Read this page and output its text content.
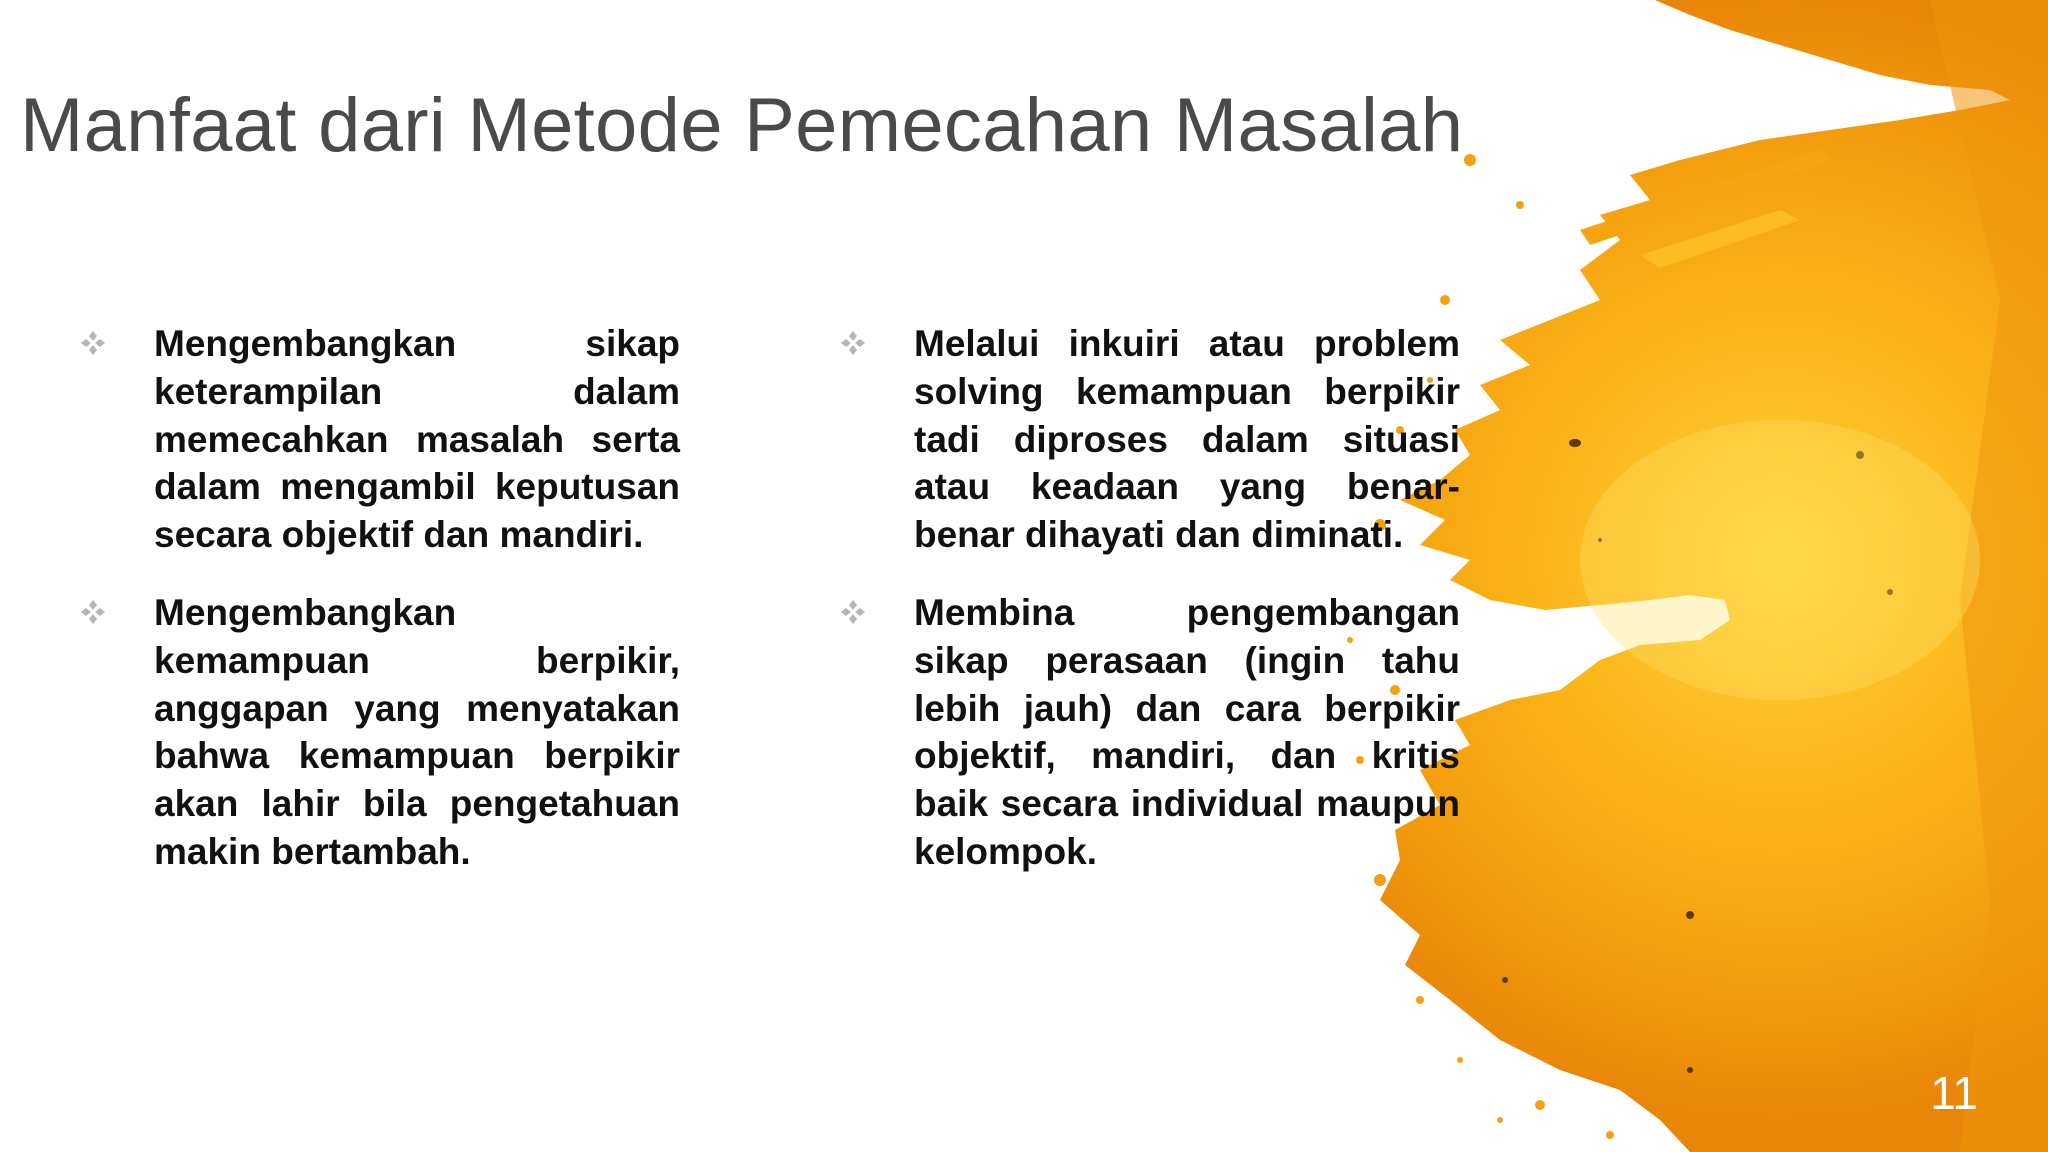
Manfaat dari Metode Pemecahan Masalah
Mengembangkan sikap keterampilan dalam memecahkan masalah serta dalam mengambil keputusan secara objektif dan mandiri.
Mengembangkan kemampuan berpikir, anggapan yang menyatakan bahwa kemampuan berpikir akan lahir bila pengetahuan makin bertambah.
Melalui inkuiri atau problem solving kemampuan berpikir tadi diproses dalam situasi atau keadaan yang benar-benar dihayati dan diminati.
Membina pengembangan sikap perasaan (ingin tahu lebih jauh) dan cara berpikir objektif, mandiri, dan kritis baik secara individual maupun kelompok.
11
